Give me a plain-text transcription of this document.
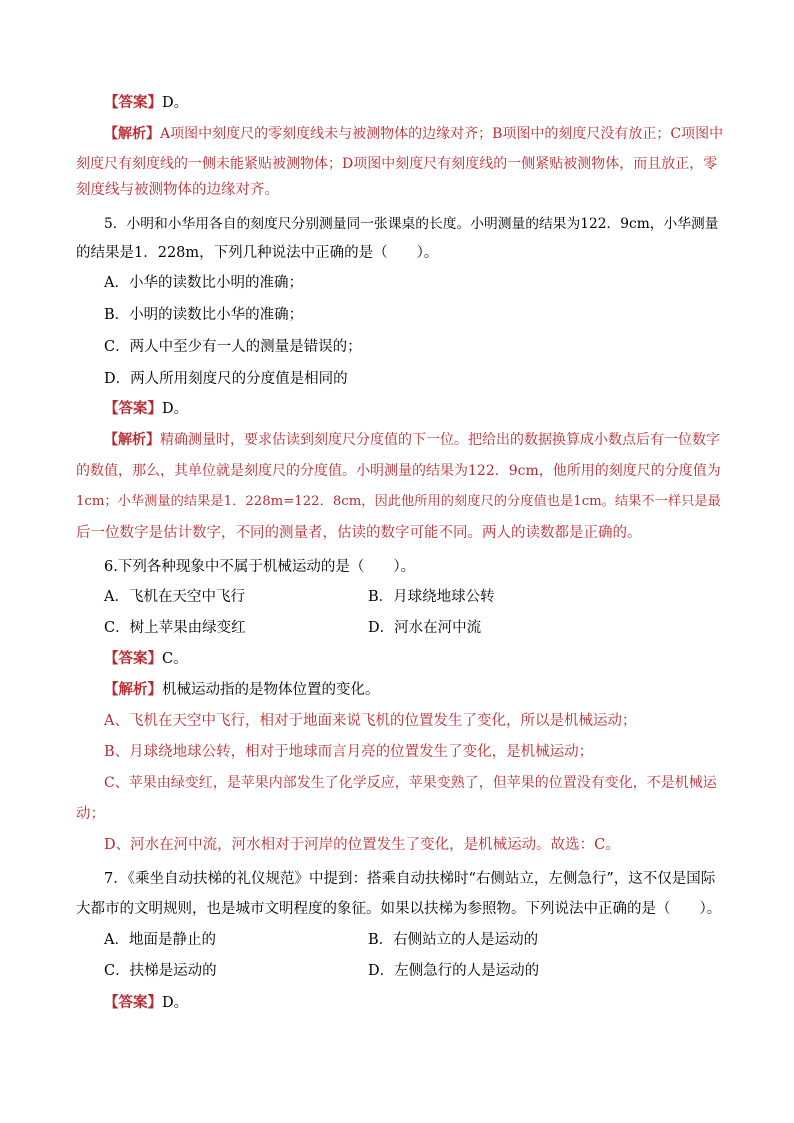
【答案】D。
【解析】A项图中刻度尺的零刻度线未与被测物体的边缘对齐；B项图中的刻度尺没有放正；C项图中
刻度尺有刻度线的一侧未能紧贴被测物体；D项图中刻度尺有刻度线的一侧紧贴被测物体，而且放正，零
刻度线与被测物体的边缘对齐。
5．小明和小华用各自的刻度尺分别测量同一张课桌的长度。小明测量的结果为122．9cm，小华测量
的结果是1．228m，下列几种说法中正确的是（　　）。
A．小华的读数比小明的准确；
B．小明的读数比小华的准确；
C．两人中至少有一人的测量是错误的；
D．两人所用刻度尺的分度值是相同的
【答案】D。
【解析】精确测量时，要求估读到刻度尺分度值的下一位。把给出的数据换算成小数点后有一位数字
的数值，那么，其单位就是刻度尺的分度值。小明测量的结果为122．9cm，他所用的刻度尺的分度值为
1cm；小华测量的结果是1．228m=122．8cm，因此他所用的刻度尺的分度值也是1cm。结果不一样只是最
后一位数字是估计数字，不同的测量者，估读的数字可能不同。两人的读数都是正确的。
6.下列各种现象中不属于机械运动的是（　　）。
A．飞机在天空中飞行	B．月球绕地球公转
C．树上苹果由绿变红	D．河水在河中流
【答案】C。
【解析】机械运动指的是物体位置的变化。
A、飞机在天空中飞行，相对于地面来说飞机的位置发生了变化，所以是机械运动；
B、月球绕地球公转，相对于地球而言月亮的位置发生了变化，是机械运动；
C、苹果由绿变红，是苹果内部发生了化学反应，苹果变熟了，但苹果的位置没有变化，不是机械运
动；
D、河水在河中流，河水相对于河岸的位置发生了变化，是机械运动。故选：C。
7．《乘坐自动扶梯的礼仪规范》中提到：搭乘自动扶梯时“右侧站立，左侧急行”，这不仅是国际
大都市的文明规则，也是城市文明程度的象征。如果以扶梯为参照物。下列说法中正确的是（　　）。
A．地面是静止的	B．右侧站立的人是运动的
C．扶梯是运动的	D．左侧急行的人是运动的
【答案】D。
